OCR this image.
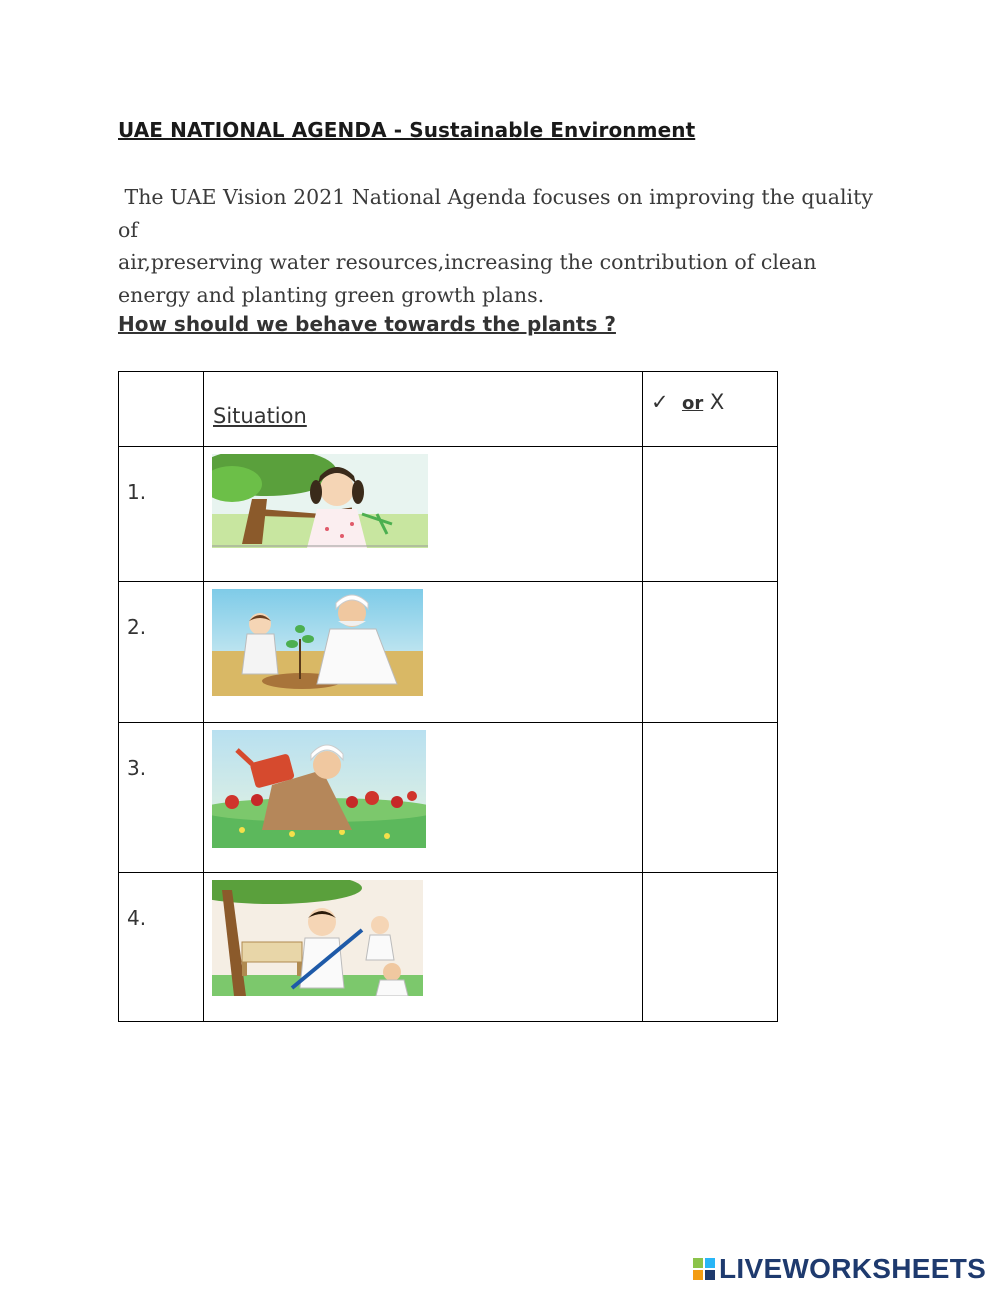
UAE NATIONAL AGENDA - Sustainable Environment

The UAE Vision 2021 National Agenda focuses on improving the quality of
air,preserving water resources,increasing the contribution of clean
energy and planting green growth plans.

How should we behave towards the plants ?
	Situation	✓ or X

1.

2.

3.

4.

LIVEWORKSHEETS
